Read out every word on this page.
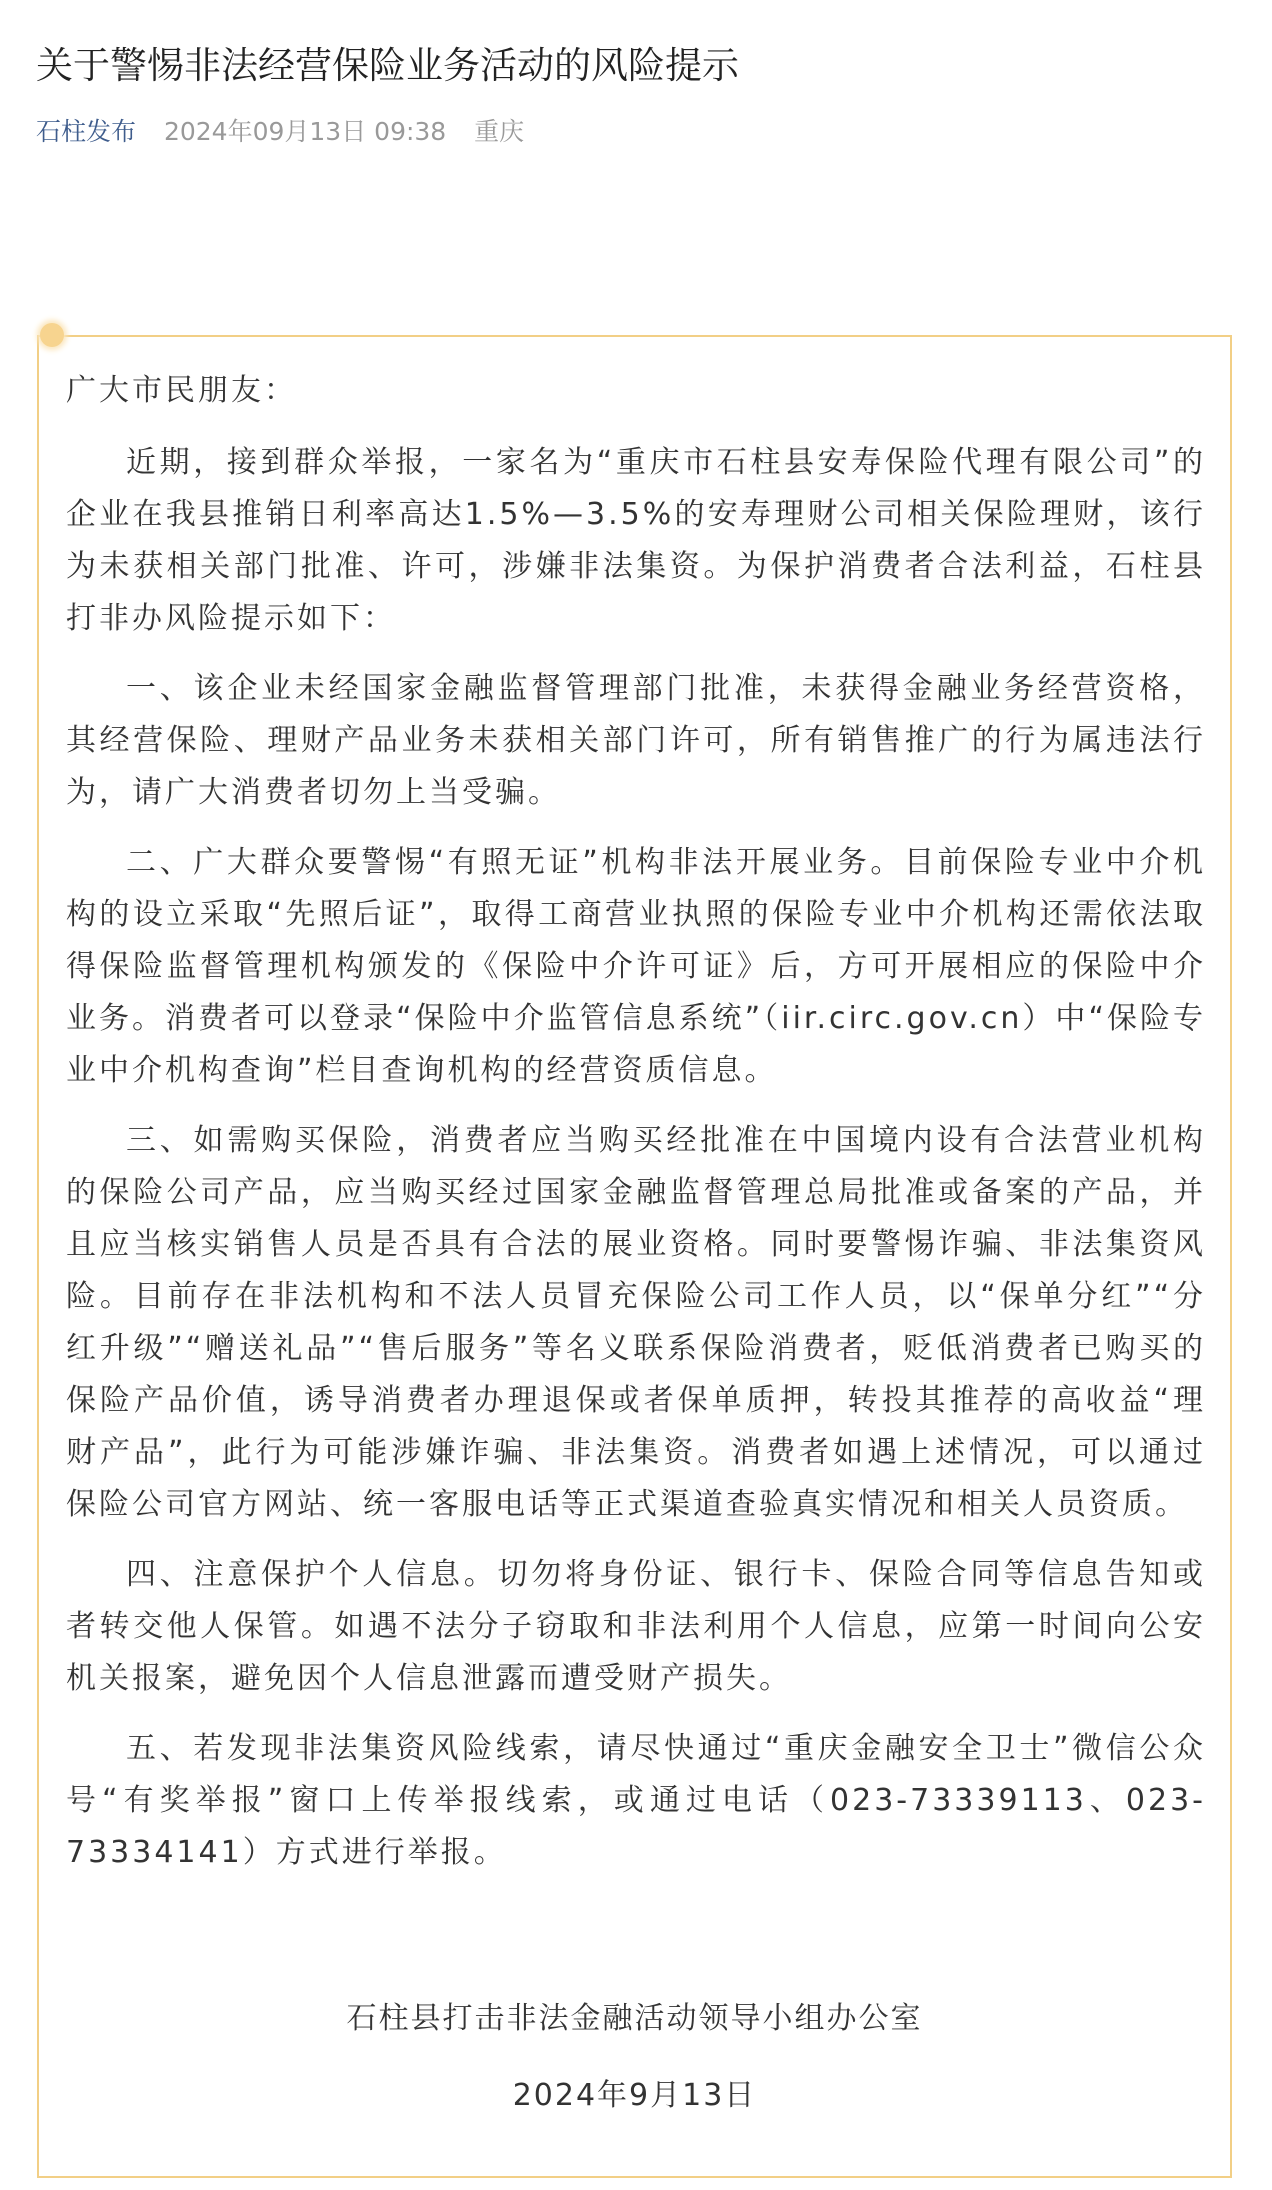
关于警惕非法经营保险业务活动的风险提示
石柱发布 2024年09月13日 09:38 重庆

广大市民朋友：

近期，接到群众举报，一家名为“重庆市石柱县安寿保险代理有限公司”的企业在我县推销日利率高达1.5%—3.5%的安寿理财公司相关保险理财，该行为未获相关部门批准、许可，涉嫌非法集资。为保护消费者合法利益，石柱县打非办风险提示如下：

一、该企业未经国家金融监督管理部门批准，未获得金融业务经营资格，其经营保险、理财产品业务未获相关部门许可，所有销售推广的行为属违法行为，请广大消费者切勿上当受骗。

二、广大群众要警惕“有照无证”机构非法开展业务。目前保险专业中介机构的设立采取“先照后证”，取得工商营业执照的保险专业中介机构还需依法取得保险监督管理机构颁发的《保险中介许可证》后，方可开展相应的保险中介业务。消费者可以登录“保险中介监管信息系统”（iir.circ.gov.cn）中“保险专业中介机构查询”栏目查询机构的经营资质信息。

三、如需购买保险，消费者应当购买经批准在中国境内设有合法营业机构的保险公司产品，应当购买经过国家金融监督管理总局批准或备案的产品，并且应当核实销售人员是否具有合法的展业资格。同时要警惕诈骗、非法集资风险。目前存在非法机构和不法人员冒充保险公司工作人员，以“保单分红”“分红升级”“赠送礼品”“售后服务”等名义联系保险消费者，贬低消费者已购买的保险产品价值，诱导消费者办理退保或者保单质押，转投其推荐的高收益“理财产品”，此行为可能涉嫌诈骗、非法集资。消费者如遇上述情况，可以通过保险公司官方网站、统一客服电话等正式渠道查验真实情况和相关人员资质。

四、注意保护个人信息。切勿将身份证、银行卡、保险合同等信息告知或者转交他人保管。如遇不法分子窃取和非法利用个人信息，应第一时间向公安机关报案，避免因个人信息泄露而遭受财产损失。

五、若发现非法集资风险线索，请尽快通过“重庆金融安全卫士”微信公众号“有奖举报”窗口上传举报线索，或通过电话（023-73339113、023-73334141）方式进行举报。

石柱县打击非法金融活动领导小组办公室
2024年9月13日
